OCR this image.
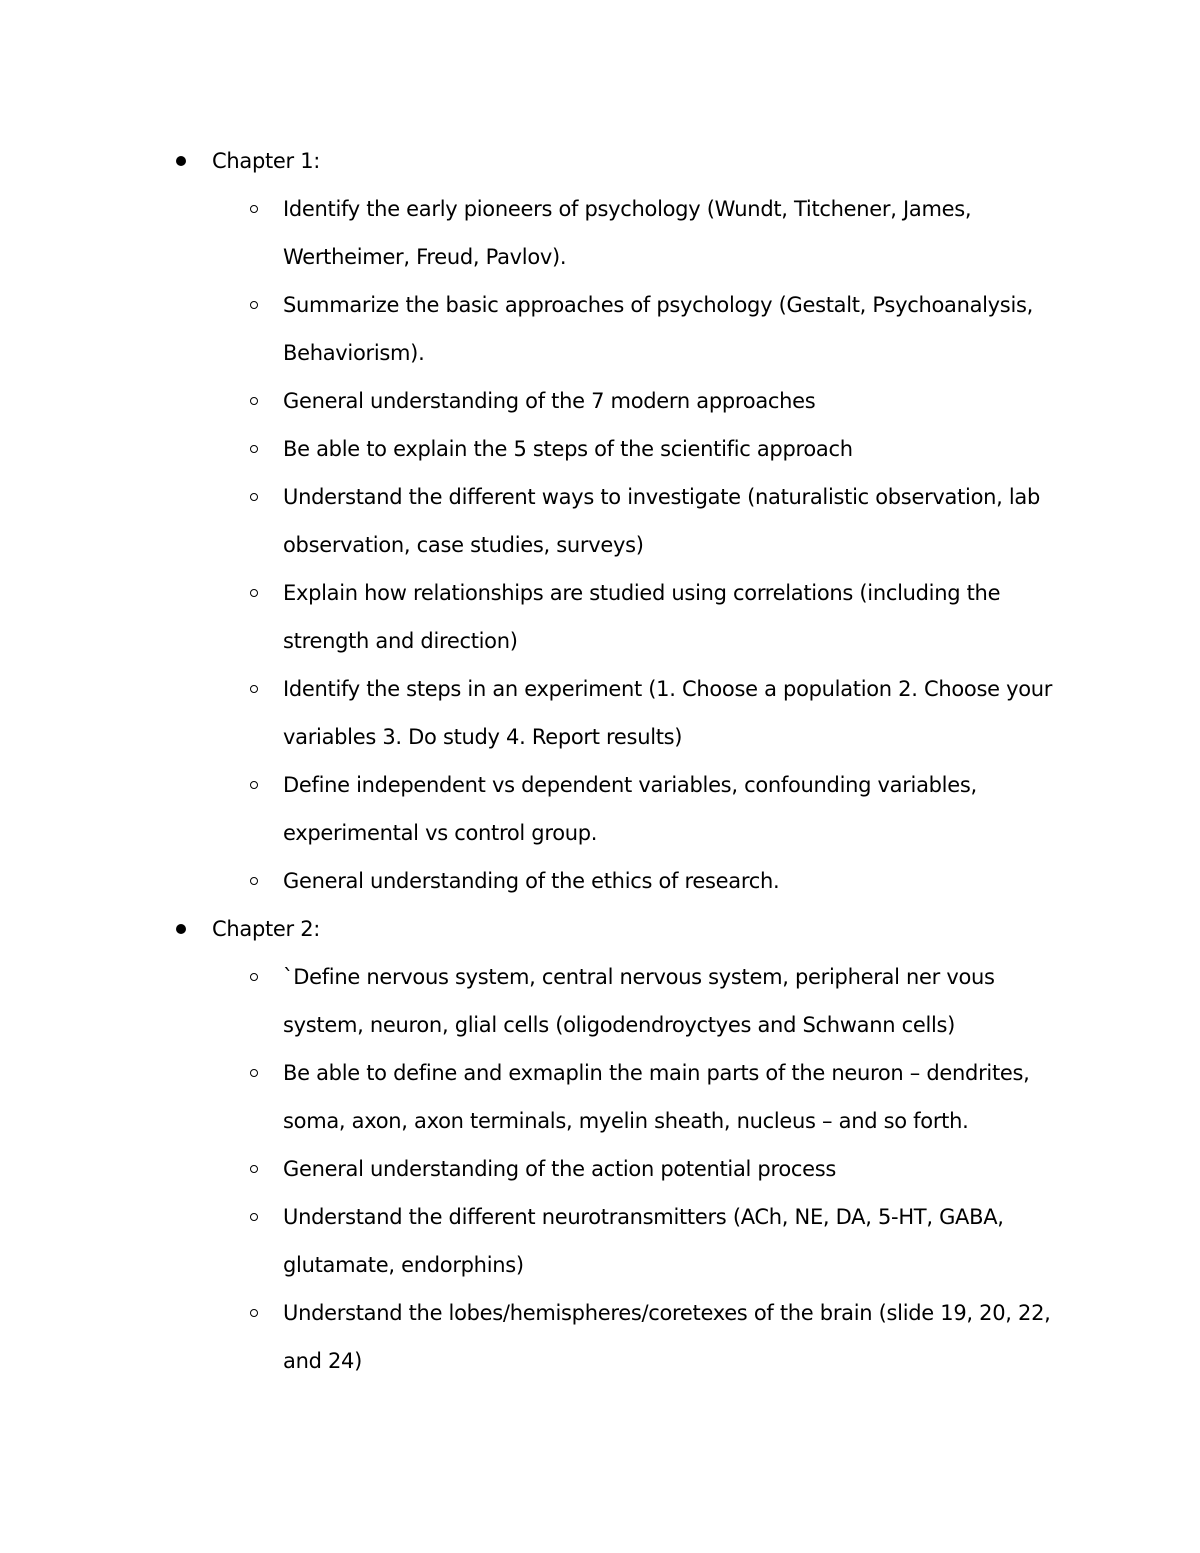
Chapter 1:
Identify the early pioneers of psychology (Wundt, Titchener, James, Wertheimer, Freud, Pavlov).
Summarize the basic approaches of psychology (Gestalt, Psychoanalysis, Behaviorism).
General understanding of the 7 modern approaches
Be able to explain the 5 steps of the scientific approach
Understand the different ways to investigate (naturalistic observation, lab observation, case studies, surveys)
Explain how relationships are studied using correlations (including the strength and direction)
Identify the steps in an experiment (1. Choose a population 2. Choose your variables 3. Do study 4. Report results)
Define independent vs dependent variables, confounding variables, experimental vs control group.
General understanding of the ethics of research.
Chapter 2:
`Define nervous system, central nervous system, peripheral ner vous system, neuron, glial cells (oligodendroyctyes and Schwann cells)
Be able to define and exmaplin the main parts of the neuron – dendrites, soma, axon, axon terminals, myelin sheath, nucleus – and so forth.
General understanding of the action potential process
Understand the different neurotransmitters (ACh, NE, DA, 5-HT, GABA, glutamate, endorphins)
Understand the lobes/hemispheres/coretexes of the brain (slide 19, 20, 22, and 24)
